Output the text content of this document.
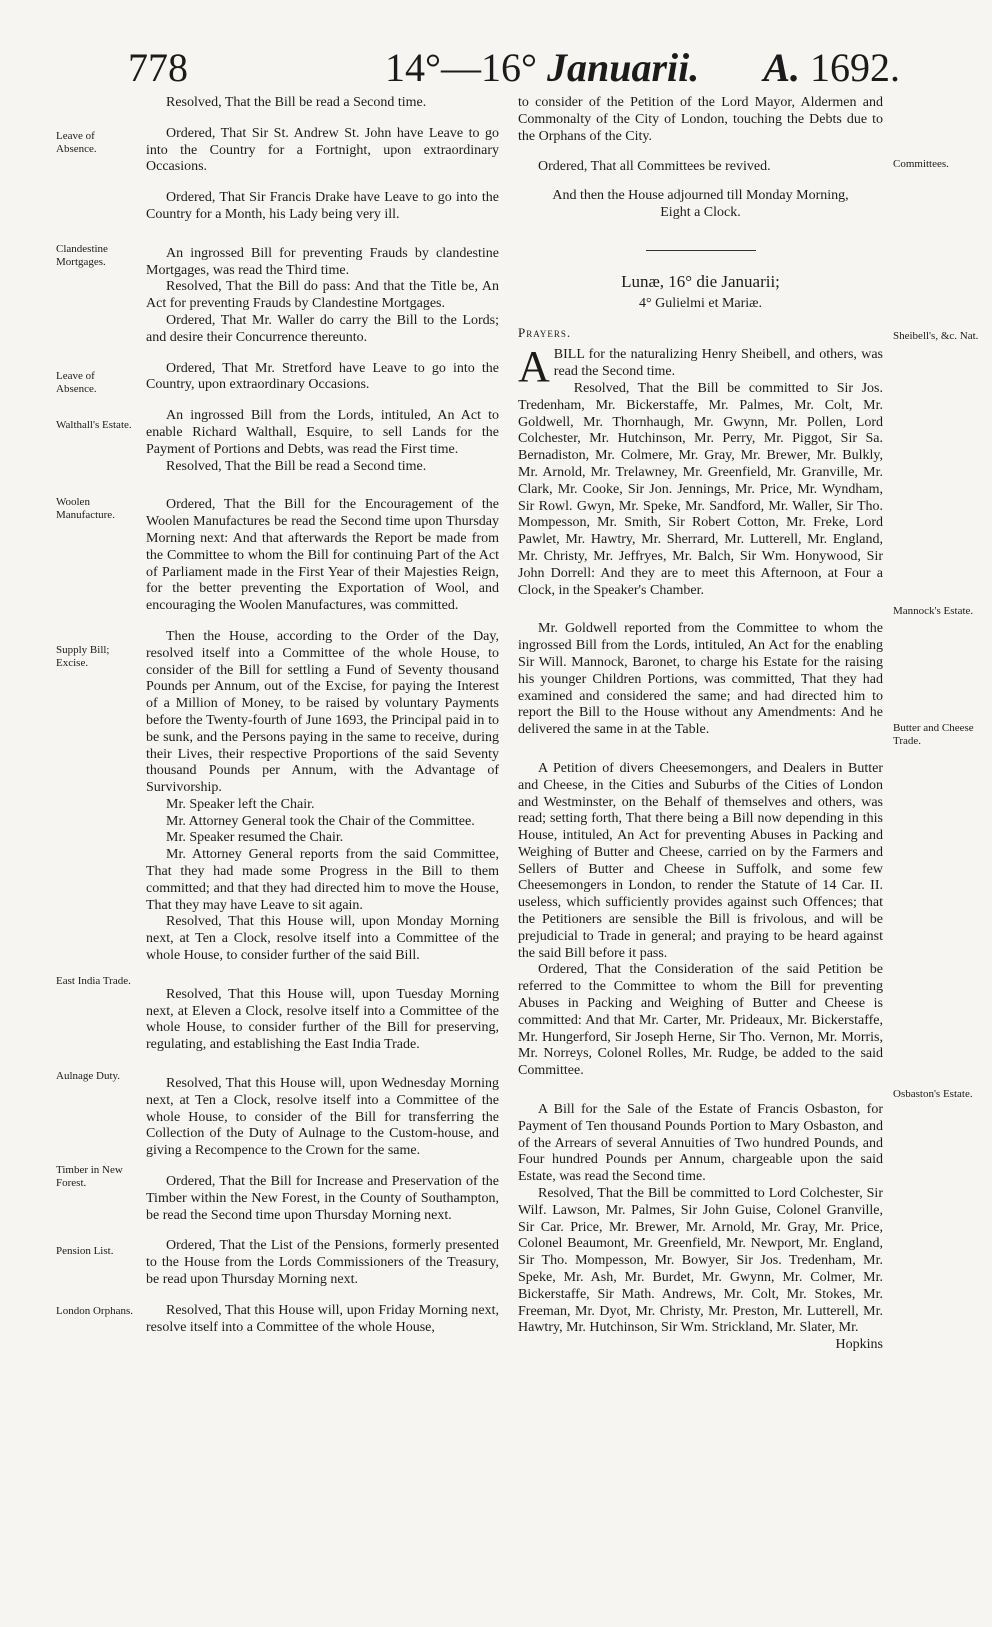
778	14°—16° Januarii. A. 1692.
Leave of Absence.
Clandestine Mortgages.
Leave of Absence.
Walthall's Estate.
Woolen Manufacture.
Supply Bill; Excise.
East India Trade.
Aulnage Duty.
Timber in New Forest.
Pension List.
London Orphans.
Committees.
Sheibell's, &c. Nat.
Mannock's Estate.
Butter and Cheese Trade.
Osbaston's Estate.

Resolved, That the Bill be read a Second time.

Ordered, That Sir St. Andrew St. John have Leave to go into the Country for a Fortnight, upon extraordinary Occasions.

Ordered, That Sir Francis Drake have Leave to go into the Country for a Month, his Lady being very ill.

An ingrossed Bill for preventing Frauds by clandestine Mortgages, was read the Third time.

Resolved, That the Bill do pass: And that the Title be, An Act for preventing Frauds by Clandestine Mortgages.

Ordered, That Mr. Waller do carry the Bill to the Lords; and desire their Concurrence thereunto.

Ordered, That Mr. Stretford have Leave to go into the Country, upon extraordinary Occasions.

An ingrossed Bill from the Lords, intituled, An Act to enable Richard Walthall, Esquire, to sell Lands for the Payment of Portions and Debts, was read the First time.

Resolved, That the Bill be read a Second time.

Ordered, That the Bill for the Encouragement of the Woolen Manufactures be read the Second time upon Thursday Morning next: And that afterwards the Report be made from the Committee to whom the Bill for continuing Part of the Act of Parliament made in the First Year of their Majesties Reign, for the better preventing the Exportation of Wool, and encouraging the Woolen Manufactures, was committed.

Then the House, according to the Order of the Day, resolved itself into a Committee of the whole House, to consider of the Bill for settling a Fund of Seventy thousand Pounds per Annum, out of the Excise, for paying the Interest of a Million of Money, to be raised by voluntary Payments before the Twenty-fourth of June 1693, the Principal paid in to be sunk, and the Persons paying in the same to receive, during their Lives, their respective Proportions of the said Seventy thousand Pounds per Annum, with the Advantage of Survivorship.

Mr. Speaker left the Chair.

Mr. Attorney General took the Chair of the Committee.

Mr. Speaker resumed the Chair.

Mr. Attorney General reports from the said Committee, That they had made some Progress in the Bill to them committed; and that they had directed him to move the House, That they may have Leave to sit again.

Resolved, That this House will, upon Monday Morning next, at Ten a Clock, resolve itself into a Committee of the whole House, to consider further of the said Bill.

Resolved, That this House will, upon Tuesday Morning next, at Eleven a Clock, resolve itself into a Committee of the whole House, to consider further of the Bill for preserving, regulating, and establishing the East India Trade.

Resolved, That this House will, upon Wednesday Morning next, at Ten a Clock, resolve itself into a Committee of the whole House, to consider of the Bill for transferring the Collection of the Duty of Aulnage to the Custom-house, and giving a Recompence to the Crown for the same.

Ordered, That the Bill for Increase and Preservation of the Timber within the New Forest, in the County of Southampton, be read the Second time upon Thursday Morning next.

Ordered, That the List of the Pensions, formerly presented to the House from the Lords Commissioners of the Treasury, be read upon Thursday Morning next.

Resolved, That this House will, upon Friday Morning next, resolve itself into a Committee of the whole House,

to consider of the Petition of the Lord Mayor, Aldermen and Commonalty of the City of London, touching the Debts due to the Orphans of the City.

Ordered, That all Committees be revived.

And then the House adjourned till Monday Morning, Eight a Clock.

Lunæ, 16° die Januarii;

4° Gulielmi et Mariæ.

Prayers.

ABILL for the naturalizing Henry Sheibell, and others, was read the Second time.

Resolved, That the Bill be committed to Sir Jos. Tredenham, Mr. Bickerstaffe, Mr. Palmes, Mr. Colt, Mr. Goldwell, Mr. Thornhaugh, Mr. Gwynn, Mr. Pollen, Lord Colchester, Mr. Hutchinson, Mr. Perry, Mr. Piggot, Sir Sa. Bernadiston, Mr. Colmere, Mr. Gray, Mr. Brewer, Mr. Bulkly, Mr. Arnold, Mr. Trelawney, Mr. Greenfield, Mr. Granville, Mr. Clark, Mr. Cooke, Sir Jon. Jennings, Mr. Price, Mr. Wyndham, Sir Rowl. Gwyn, Mr. Speke, Mr. Sandford, Mr. Waller, Sir Tho. Mompesson, Mr. Smith, Sir Robert Cotton, Mr. Freke, Lord Pawlet, Mr. Hawtry, Mr. Sherrard, Mr. Lutterell, Mr. England, Mr. Christy, Mr. Jeffryes, Mr. Balch, Sir Wm. Honywood, Sir John Dorrell: And they are to meet this Afternoon, at Four a Clock, in the Speaker's Chamber.

Mr. Goldwell reported from the Committee to whom the ingrossed Bill from the Lords, intituled, An Act for the enabling Sir Will. Mannock, Baronet, to charge his Estate for the raising his younger Children Portions, was committed, That they had examined and considered the same; and had directed him to report the Bill to the House without any Amendments: And he delivered the same in at the Table.

A Petition of divers Cheesemongers, and Dealers in Butter and Cheese, in the Cities and Suburbs of the Cities of London and Westminster, on the Behalf of themselves and others, was read; setting forth, That there being a Bill now depending in this House, intituled, An Act for preventing Abuses in Packing and Weighing of Butter and Cheese, carried on by the Farmers and Sellers of Butter and Cheese in Suffolk, and some few Cheesemongers in London, to render the Statute of 14 Car. II. useless, which sufficiently provides against such Offences; that the Petitioners are sensible the Bill is frivolous, and will be prejudicial to Trade in general; and praying to be heard against the said Bill before it pass.

Ordered, That the Consideration of the said Petition be referred to the Committee to whom the Bill for preventing Abuses in Packing and Weighing of Butter and Cheese is committed: And that Mr. Carter, Mr. Prideaux, Mr. Bickerstaffe, Mr. Hungerford, Sir Joseph Herne, Sir Tho. Vernon, Mr. Morris, Mr. Norreys, Colonel Rolles, Mr. Rudge, be added to the said Committee.

A Bill for the Sale of the Estate of Francis Osbaston, for Payment of Ten thousand Pounds Portion to Mary Osbaston, and of the Arrears of several Annuities of Two hundred Pounds, and Four hundred Pounds per Annum, chargeable upon the said Estate, was read the Second time.

Resolved, That the Bill be committed to Lord Colchester, Sir Wilf. Lawson, Mr. Palmes, Sir John Guise, Colonel Granville, Sir Car. Price, Mr. Brewer, Mr. Arnold, Mr. Gray, Mr. Price, Colonel Beaumont, Mr. Greenfield, Mr. Newport, Mr. England, Sir Tho. Mompesson, Mr. Bowyer, Sir Jos. Tredenham, Mr. Speke, Mr. Ash, Mr. Burdet, Mr. Gwynn, Mr. Colmer, Mr. Bickerstaffe, Sir Math. Andrews, Mr. Colt, Mr. Stokes, Mr. Freeman, Mr. Dyot, Mr. Christy, Mr. Preston, Mr. Lutterell, Mr. Hawtry, Mr. Hutchinson, Sir Wm. Strickland, Mr. Slater, Mr.

Hopkins
